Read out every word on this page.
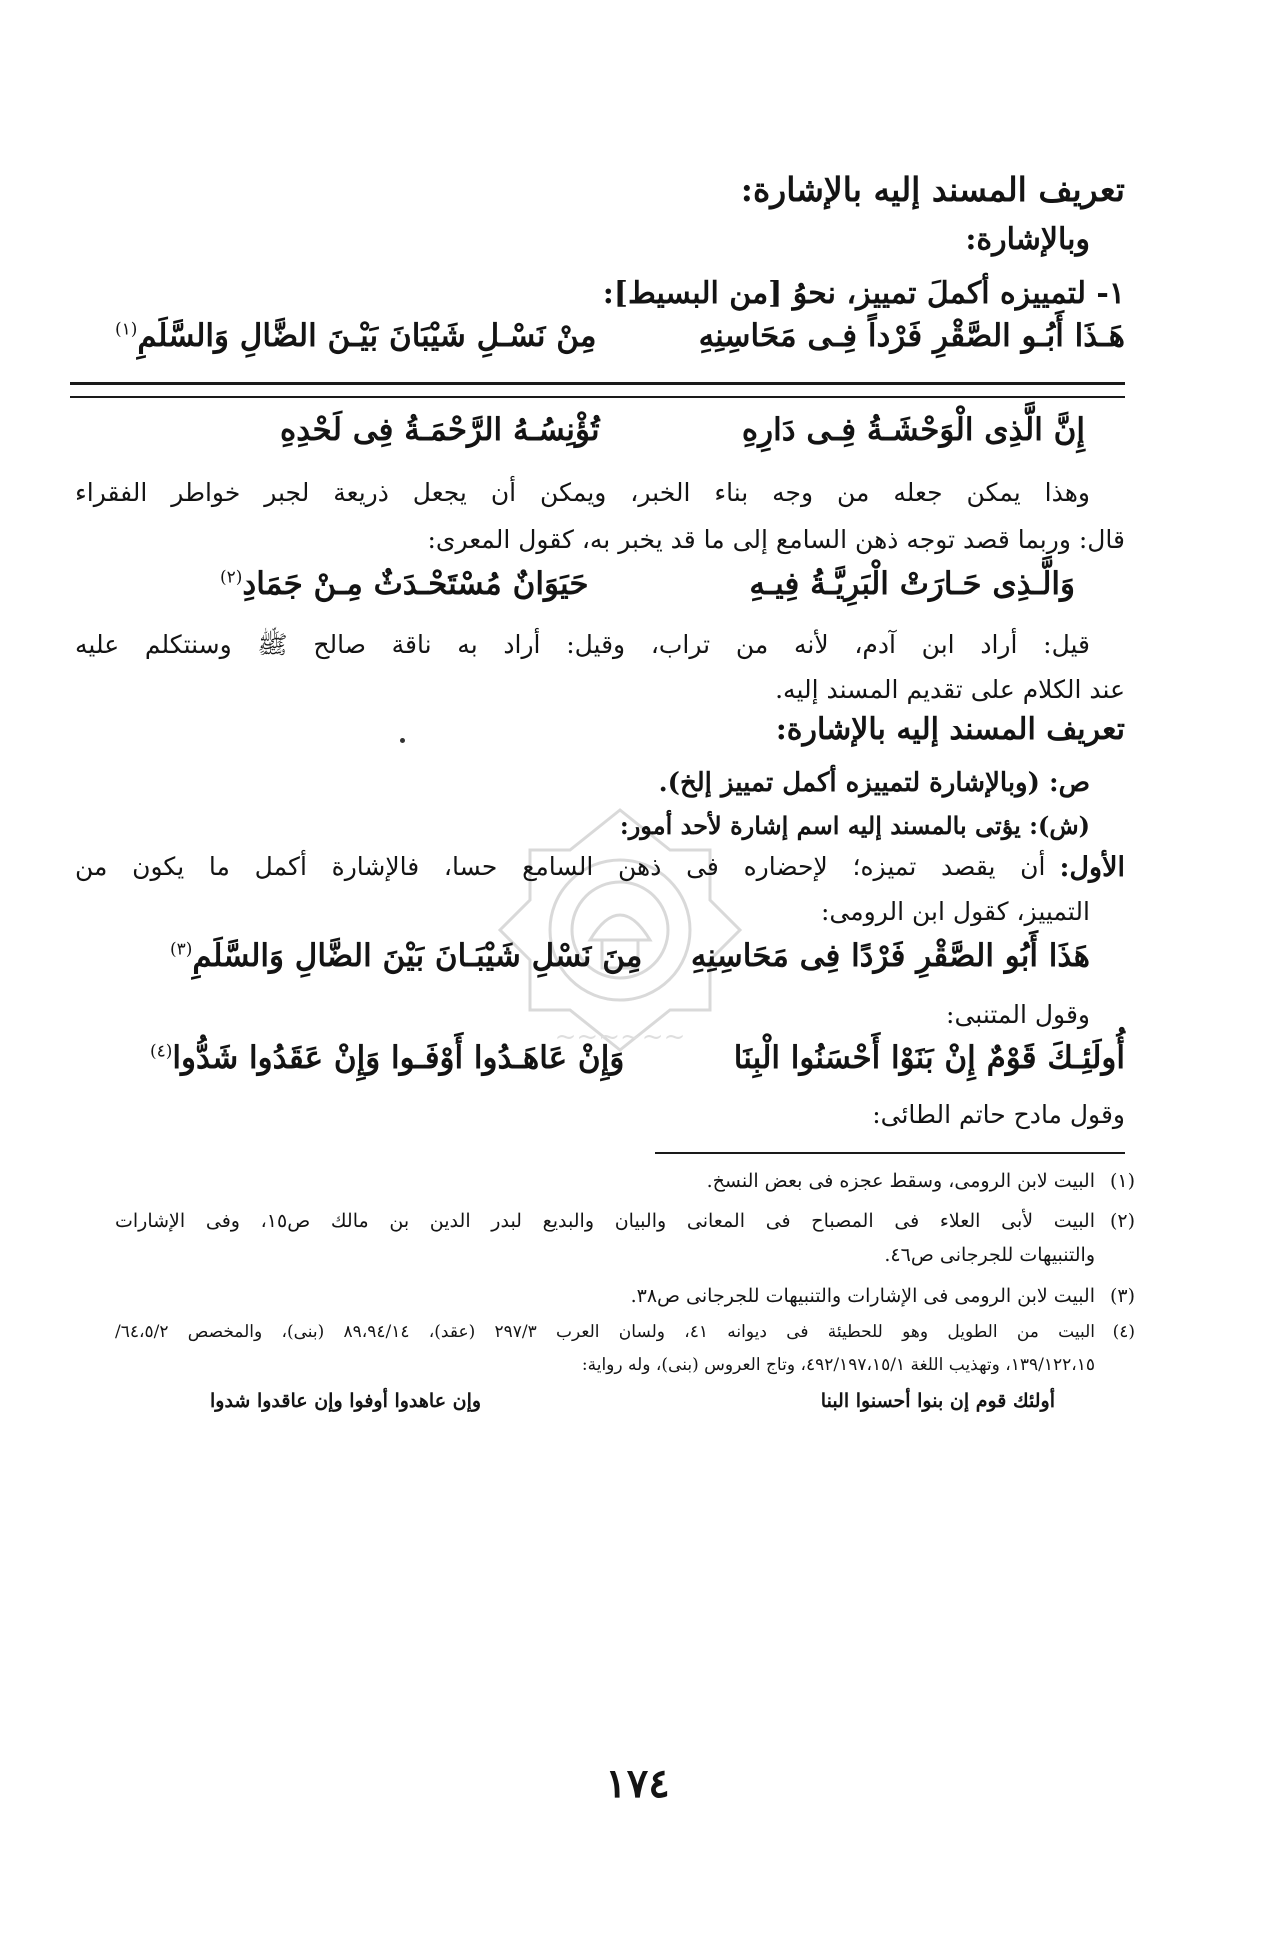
~~~~~~
تعريف المسند إليه بالإشارة:
وبالإشارة:
١- لتمييزه أكملَ تمييز، نحوُ [من البسيط]:
هَـذَا أَبُـو الصَّقْرِ فَرْداً فِـى مَحَاسِنِهِ
مِنْ نَسْـلِ شَيْبَانَ بَيْـنَ الضَّالِ وَالسَّلَمِ$^{(١)}$
إِنَّ الَّذِى الْوَحْشَـةُ فِـى دَارِهِ
تُؤْنِسُـهُ الرَّحْمَـةُ فِى لَحْدِهِ
وهذا يمكن جعله من وجه بناء الخبر، ويمكن أن يجعل ذريعة لجبر خواطر الفقراء
قال: وربما قصد توجه ذهن السامع إلى ما قد يخبر به، كقول المعرى:
وَالَّـذِى حَـارَتْ الْبَرِيَّـةُ فِيـهِ
حَيَوَانٌ مُسْتَحْـدَثٌ مِـنْ جَمَادِ$^{(٢)}$
قيل: أراد ابن آدم، لأنه من تراب، وقيل: أراد به ناقة صالح ﷺ وسنتكلم عليه
عند الكلام على تقديم المسند إليه.
تعريف المسند إليه بالإشارة:
ص: (وبالإشارة لتمييزه أكمل تمييز إلخ).
(ش): يؤتى بالمسند إليه اسم إشارة لأحد أمور:
الأول:
أن يقصد تميزه؛ لإحضاره فى ذهن السامع حسا، فالإشارة أكمل ما يكون من
التمييز، كقول ابن الرومى:
هَذَا أَبُو الصَّقْرِ فَرْدًا فِى مَحَاسِنِهِ
مِنَ نَسْلِ شَيْبَـانَ بَيْنَ الضَّالِ وَالسَّلَمِ$^{(٣)}$
وقول المتنبى:
أُولَئِـكَ قَوْمٌ إِنْ بَنَوْا أَحْسَنُوا الْبِنَا
وَإِنْ عَاهَـدُوا أَوْفَـوا وَإِنْ عَقَدُوا شَدُّوا$^{(٤)}$
وقول مادح حاتم الطائى:
(١)البيت لابن الرومى، وسقط عجزه فى بعض النسخ.
(٢)البيت لأبى العلاء فى المصباح فى المعانى والبيان والبديع لبدر الدين بن مالك ص١٥، وفى الإشارات
والتنبيهات للجرجانى ص٤٦.
(٣)البيت لابن الرومى فى الإشارات والتنبيهات للجرجانى ص٣٨.
(٤)البيت من الطويل وهو للحطيئة فى ديوانه ٤١، ولسان العرب ٢٩٧/٣ (عقد)، ٨٩،٩٤/١٤ (بنى)، والمخصص ٦٤،٥/٢/
١٣٩/١٢٢،١٥، وتهذيب اللغة ٤٩٢/١٩٧،١٥/١، وتاج العروس (بنى)، وله رواية:
أولئك قوم إن بنوا أحسنوا البنا
وإن عاهدوا أوفوا وإن عاقدوا شدوا
١٧٤
